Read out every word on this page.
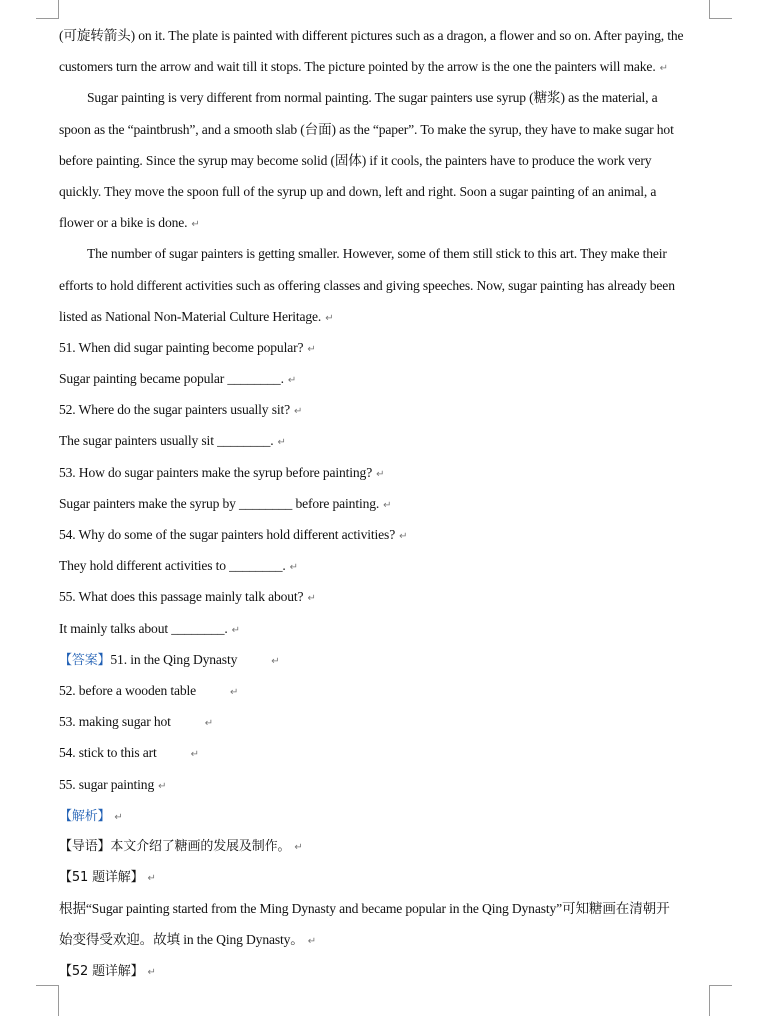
(可旋转箭头) on it. The plate is painted with different pictures such as a dragon, a flower and so on. After paying, the
customers turn the arrow and wait till it stops. The picture pointed by the arrow is the one the painters will make. ↵
Sugar painting is very different from normal painting. The sugar painters use syrup (糖浆) as the material, a
spoon as the “paintbrush”, and a smooth slab (台面) as the “paper”. To make the syrup, they have to make sugar hot
before painting. Since the syrup may become solid (固体) if it cools, the painters have to produce the work very
quickly. They move the spoon full of the syrup up and down, left and right. Soon a sugar painting of an animal, a
flower or a bike is done. ↵
The number of sugar painters is getting smaller. However, some of them still stick to this art. They make their
efforts to hold different activities such as offering classes and giving speeches. Now, sugar painting has already been
listed as National Non-Material Culture Heritage. ↵
51. When did sugar painting become popular? ↵
Sugar painting became popular ________. ↵
52. Where do the sugar painters usually sit? ↵
The sugar painters usually sit ________. ↵
53. How do sugar painters make the syrup before painting? ↵
Sugar painters make the syrup by ________ before painting. ↵
54. Why do some of the sugar painters hold different activities? ↵
They hold different activities to ________. ↵
55. What does this passage mainly talk about? ↵
It mainly talks about ________. ↵
【答案】51. in the Qing Dynasty	↵
52. before a wooden table	↵
53. making sugar hot	↵
54. stick to this art	↵
55. sugar painting ↵
【解析】 ↵
【导语】本文介绍了糖画的发展及制作。 ↵
【51 题详解】 ↵
根据“Sugar painting started from the Ming Dynasty and became popular in the Qing Dynasty”可知糖画在清朝开
始变得受欢迎。故填 in the Qing Dynasty。 ↵
【52 题详解】 ↵
